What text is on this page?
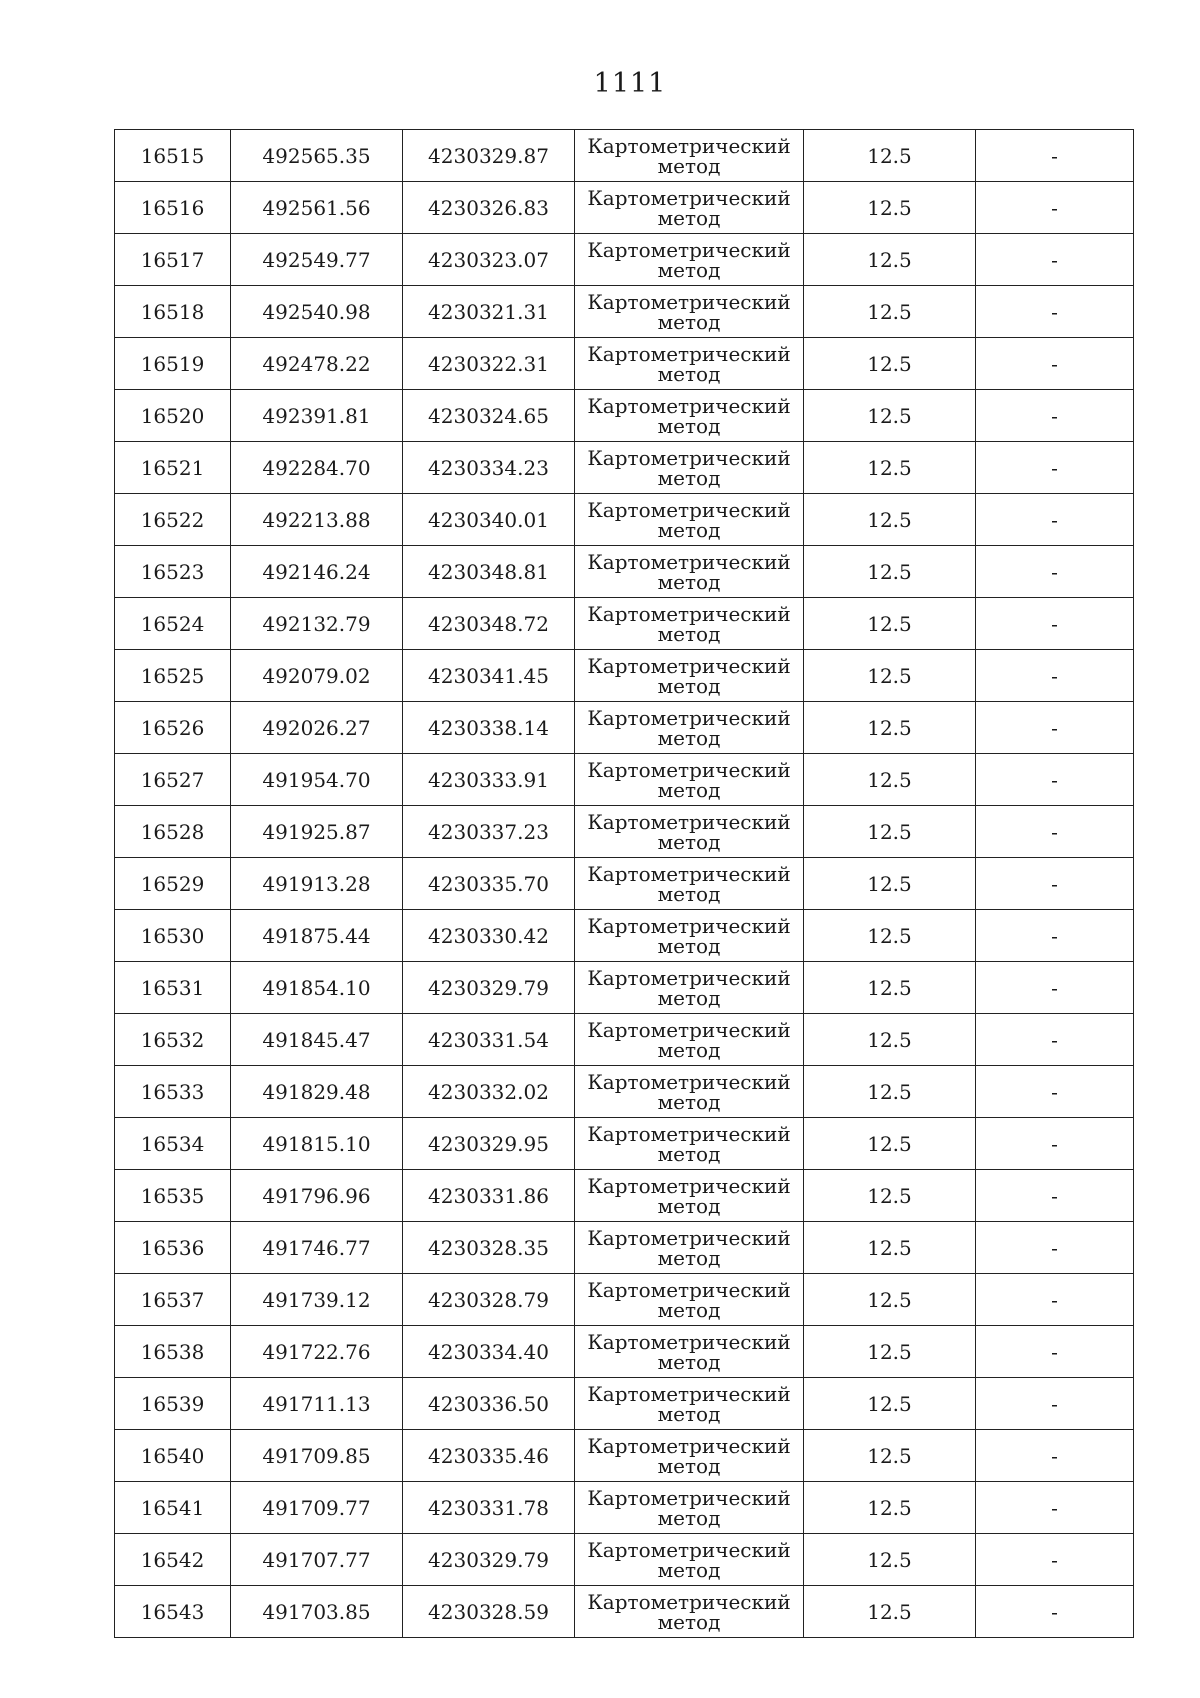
1111
16515	492565.35	4230329.87	Картометрический
метод	12.5	-
16516	492561.56	4230326.83	Картометрический
метод	12.5	-
16517	492549.77	4230323.07	Картометрический
метод	12.5	-
16518	492540.98	4230321.31	Картометрический
метод	12.5	-
16519	492478.22	4230322.31	Картометрический
метод	12.5	-
16520	492391.81	4230324.65	Картометрический
метод	12.5	-
16521	492284.70	4230334.23	Картометрический
метод	12.5	-
16522	492213.88	4230340.01	Картометрический
метод	12.5	-
16523	492146.24	4230348.81	Картометрический
метод	12.5	-
16524	492132.79	4230348.72	Картометрический
метод	12.5	-
16525	492079.02	4230341.45	Картометрический
метод	12.5	-
16526	492026.27	4230338.14	Картометрический
метод	12.5	-
16527	491954.70	4230333.91	Картометрический
метод	12.5	-
16528	491925.87	4230337.23	Картометрический
метод	12.5	-
16529	491913.28	4230335.70	Картометрический
метод	12.5	-
16530	491875.44	4230330.42	Картометрический
метод	12.5	-
16531	491854.10	4230329.79	Картометрический
метод	12.5	-
16532	491845.47	4230331.54	Картометрический
метод	12.5	-
16533	491829.48	4230332.02	Картометрический
метод	12.5	-
16534	491815.10	4230329.95	Картометрический
метод	12.5	-
16535	491796.96	4230331.86	Картометрический
метод	12.5	-
16536	491746.77	4230328.35	Картометрический
метод	12.5	-
16537	491739.12	4230328.79	Картометрический
метод	12.5	-
16538	491722.76	4230334.40	Картометрический
метод	12.5	-
16539	491711.13	4230336.50	Картометрический
метод	12.5	-
16540	491709.85	4230335.46	Картометрический
метод	12.5	-
16541	491709.77	4230331.78	Картометрический
метод	12.5	-
16542	491707.77	4230329.79	Картометрический
метод	12.5	-
16543	491703.85	4230328.59	Картометрический
метод	12.5	-
